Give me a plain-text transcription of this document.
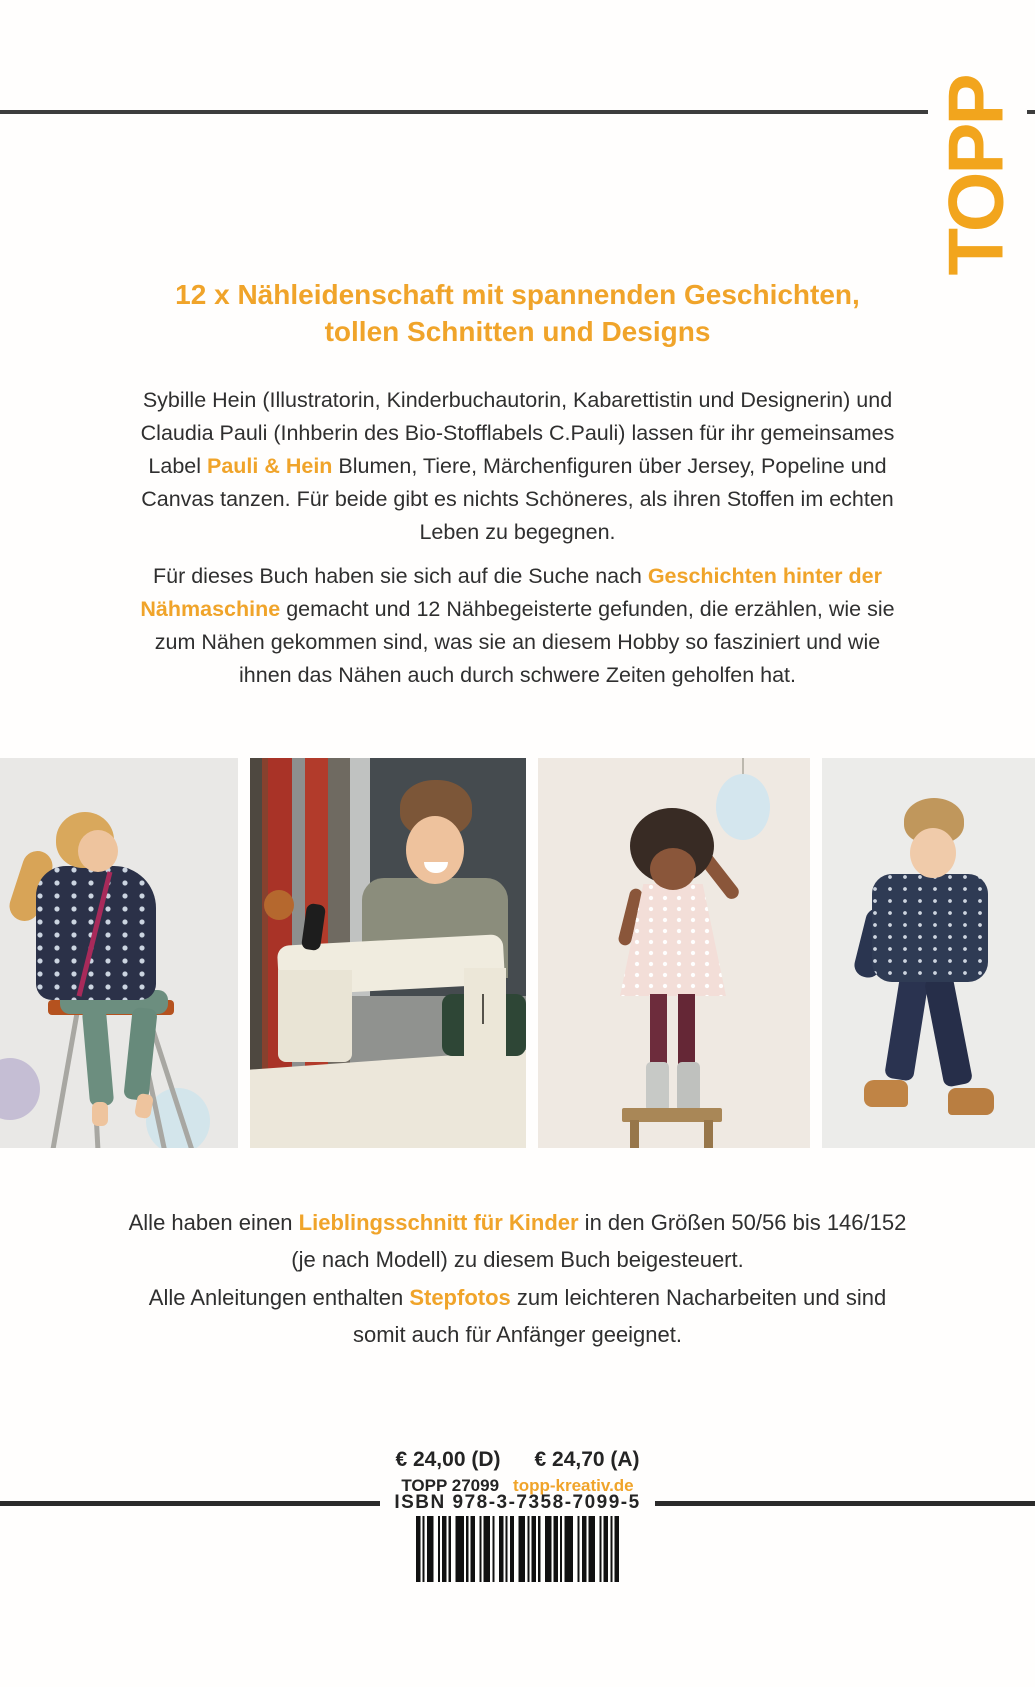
TOPP
12 x Nähleidenschaft mit spannenden Geschichten,
tollen Schnitten und Designs

Sybille Hein (Illustratorin, Kinderbuchautorin, Kabarettistin und Designerin) und Claudia Pauli (Inhberin des Bio-Stofflabels C.Pauli) lassen für ihr gemeinsames Label Pauli & Hein Blumen, Tiere, Märchenfiguren über Jersey, Popeline und Canvas tanzen. Für beide gibt es nichts Schöneres, als ihren Stoffen im echten Leben zu begegnen.

Für dieses Buch haben sie sich auf die Suche nach Geschichten hinter der Nähmaschine gemacht und 12 Nähbegeisterte gefunden, die erzählen, wie sie zum Nähen gekommen sind, was sie an diesem Hobby so fasziniert und wie ihnen das Nähen auch durch schwere Zeiten geholfen hat.

Alle haben einen Lieblingsschnitt für Kinder in den Größen 50/56 bis 146/152 (je nach Modell) zu diesem Buch beigesteuert.

Alle Anleitungen enthalten Stepfotos zum leichteren Nacharbeiten und sind somit auch für Anfänger geeignet.

€ 24,00 (D) € 24,70 (A)
TOPP 27099 topp-kreativ.de
ISBN 978-3-7358-7099-5
